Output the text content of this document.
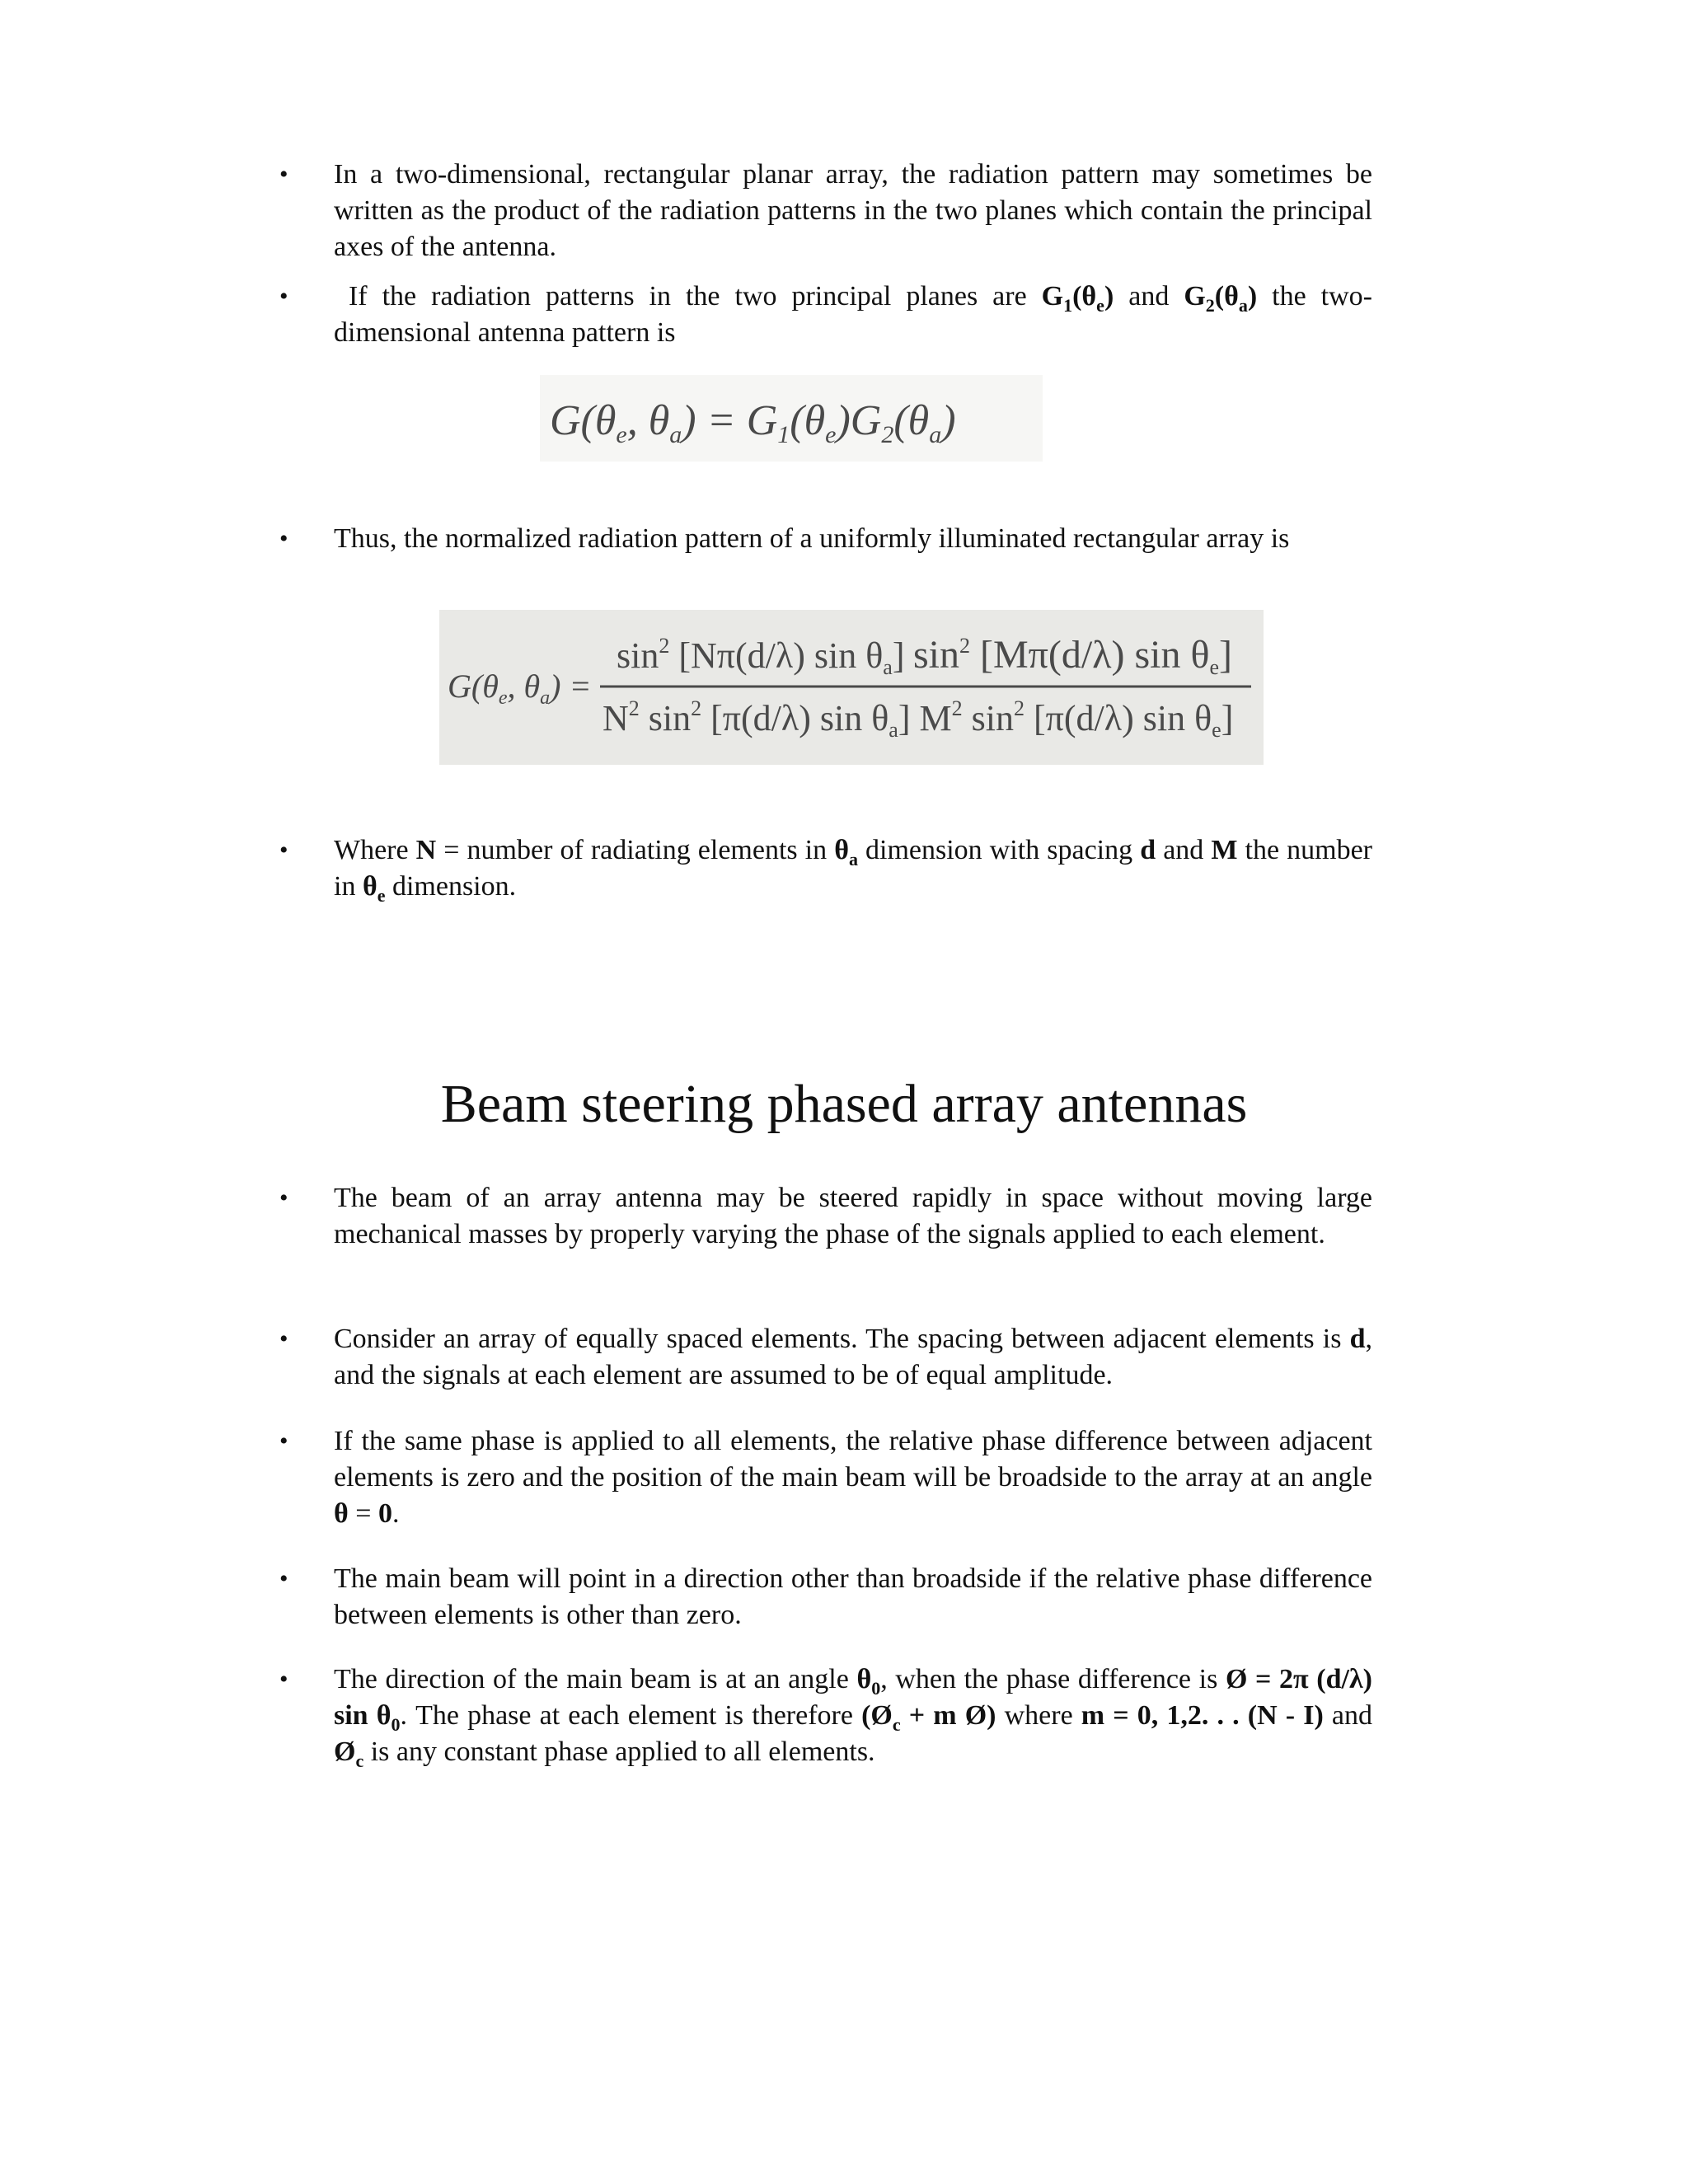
• In a two-dimensional, rectangular planar array, the radiation pattern may sometimes be written as the product of the radiation patterns in the two planes which contain the principal axes of the antenna.
•	If the radiation patterns in the two principal planes are $G_1(\theta_e)$ and $G_2(\theta_a)$ the two-dimensional antenna pattern is
G(θe, θa) = G1(θe)G2(θa)
• Thus, the normalized radiation pattern of a uniformly illuminated rectangular array is
$G(\theta_e$, $\theta_a$) =
$\sin^2 [N\pi(d/\lambda)$ sin θa] $\sin^2 [M\pi(d/\lambda)$ sin θe]
$N^2$ $\sin^2 [\pi(d/\lambda)$ sin θa] $M^2$ $\sin^2 [\pi(d/\lambda)$ sin θe]
• Where N = number of radiating elements in $\theta_a$ dimension with spacing d and M the number in $\theta_e$ dimension.
Beam steering phased array antennas
• The beam of an array antenna may be steered rapidly in space without moving large mechanical masses by properly varying the phase of the signals applied to each element.
• Consider an array of equally spaced elements. The spacing between adjacent elements is d, and the signals at each element are assumed to be of equal amplitude.
• If the same phase is applied to all elements, the relative phase difference between adjacent elements is zero and the position of the main beam will be broadside to the array at an angle θ = 0.
• The main beam will point in a direction other than broadside if the relative phase difference between elements is other than zero.
• The direction of the main beam is at an angle $\theta_0$, when the phase difference is Ø = 2π (d/λ) $\sin \theta_0$. The phase at each element is therefore ($Ø_c + m$ Ø) where m = 0, 1,2. . . (N - I) and $Ø_c$ is any constant phase applied to all elements.
